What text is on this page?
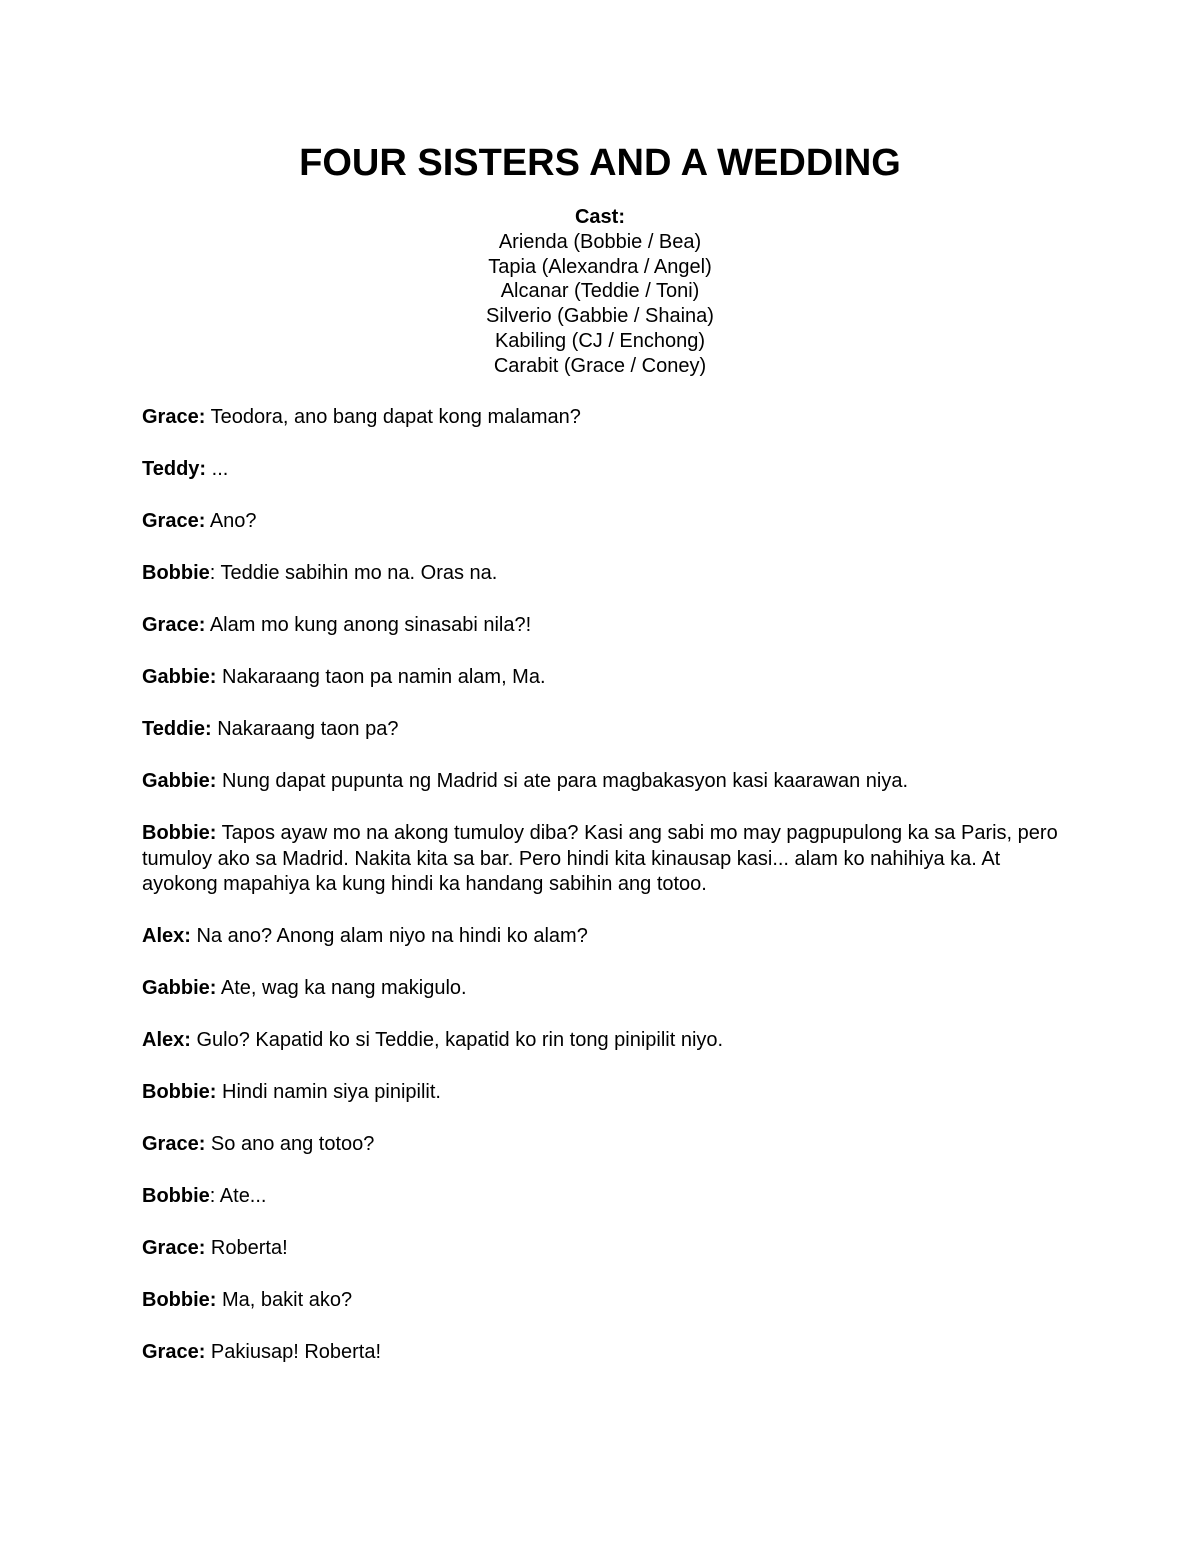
FOUR SISTERS AND A WEDDING
Cast:
Arienda (Bobbie / Bea)
Tapia (Alexandra / Angel)
Alcanar (Teddie / Toni)
Silverio (Gabbie / Shaina)
Kabiling (CJ / Enchong)
Carabit (Grace / Coney)

Grace: Teodora, ano bang dapat kong malaman?

Teddy: ...

Grace: Ano?

Bobbie: Teddie sabihin mo na. Oras na.

Grace: Alam mo kung anong sinasabi nila?!

Gabbie: Nakaraang taon pa namin alam, Ma.

Teddie: Nakaraang taon pa?

Gabbie: Nung dapat pupunta ng Madrid si ate para magbakasyon kasi kaarawan niya.

Bobbie: Tapos ayaw mo na akong tumuloy diba? Kasi ang sabi mo may pagpupulong ka sa Paris, pero tumuloy ako sa Madrid. Nakita kita sa bar. Pero hindi kita kinausap kasi... alam ko nahihiya ka. At ayokong mapahiya ka kung hindi ka handang sabihin ang totoo.

Alex: Na ano? Anong alam niyo na hindi ko alam?

Gabbie: Ate, wag ka nang makigulo.

Alex: Gulo? Kapatid ko si Teddie, kapatid ko rin tong pinipilit niyo.

Bobbie: Hindi namin siya pinipilit.

Grace: So ano ang totoo?

Bobbie: Ate...

Grace: Roberta!

Bobbie: Ma, bakit ako?

Grace: Pakiusap! Roberta!
